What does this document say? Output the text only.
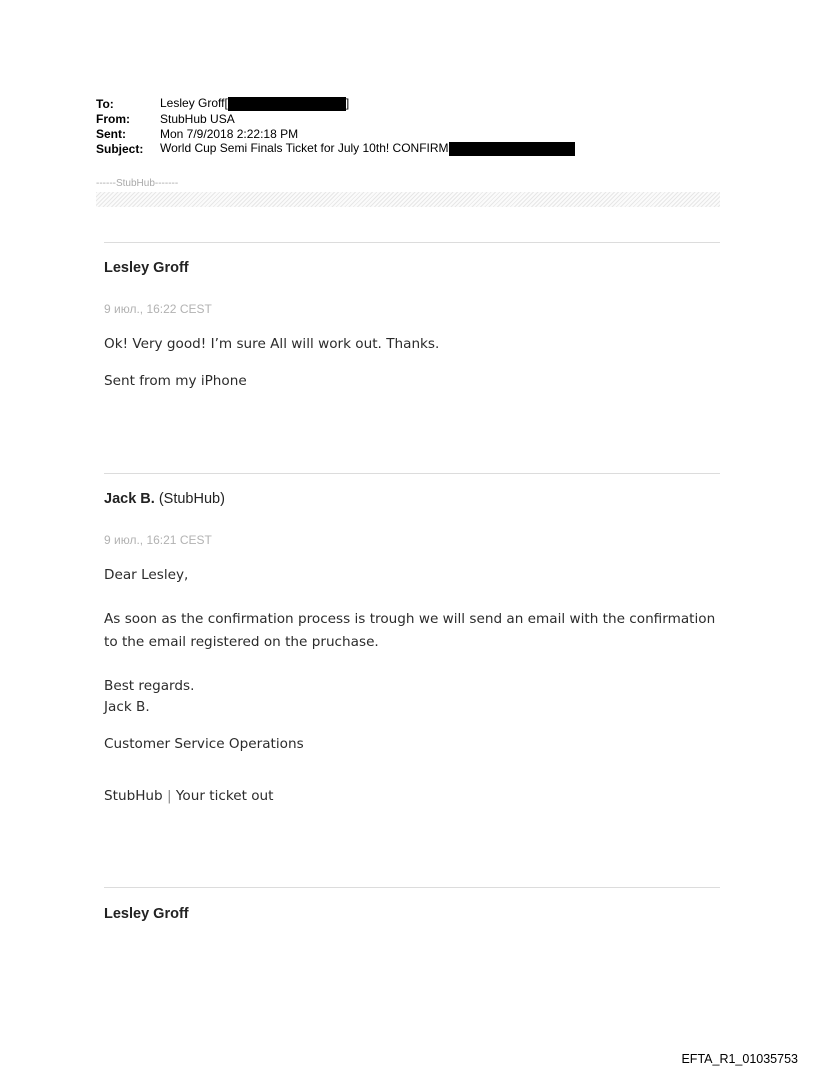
To:	Lesley Groff[	]
From:	StubHub USA
Sent:	Mon 7/9/2018 2:22:18 PM
Subject:	World Cup Semi Finals Ticket for July 10th! CONFIRM
------StubHub-------
Lesley Groff
9 июл., 16:22 CEST
Ok! Very good! I’m sure All will work out. Thanks.
Sent from my iPhone
Jack B. (StubHub)
9 июл., 16:21 CEST
Dear Lesley,
As soon as the confirmation process is trough we will send an email with the confirmation to the email registered on the pruchase.
Best regards.
Jack B.
Customer Service Operations
StubHub | Your ticket out
Lesley Groff
EFTA_R1_01035753
